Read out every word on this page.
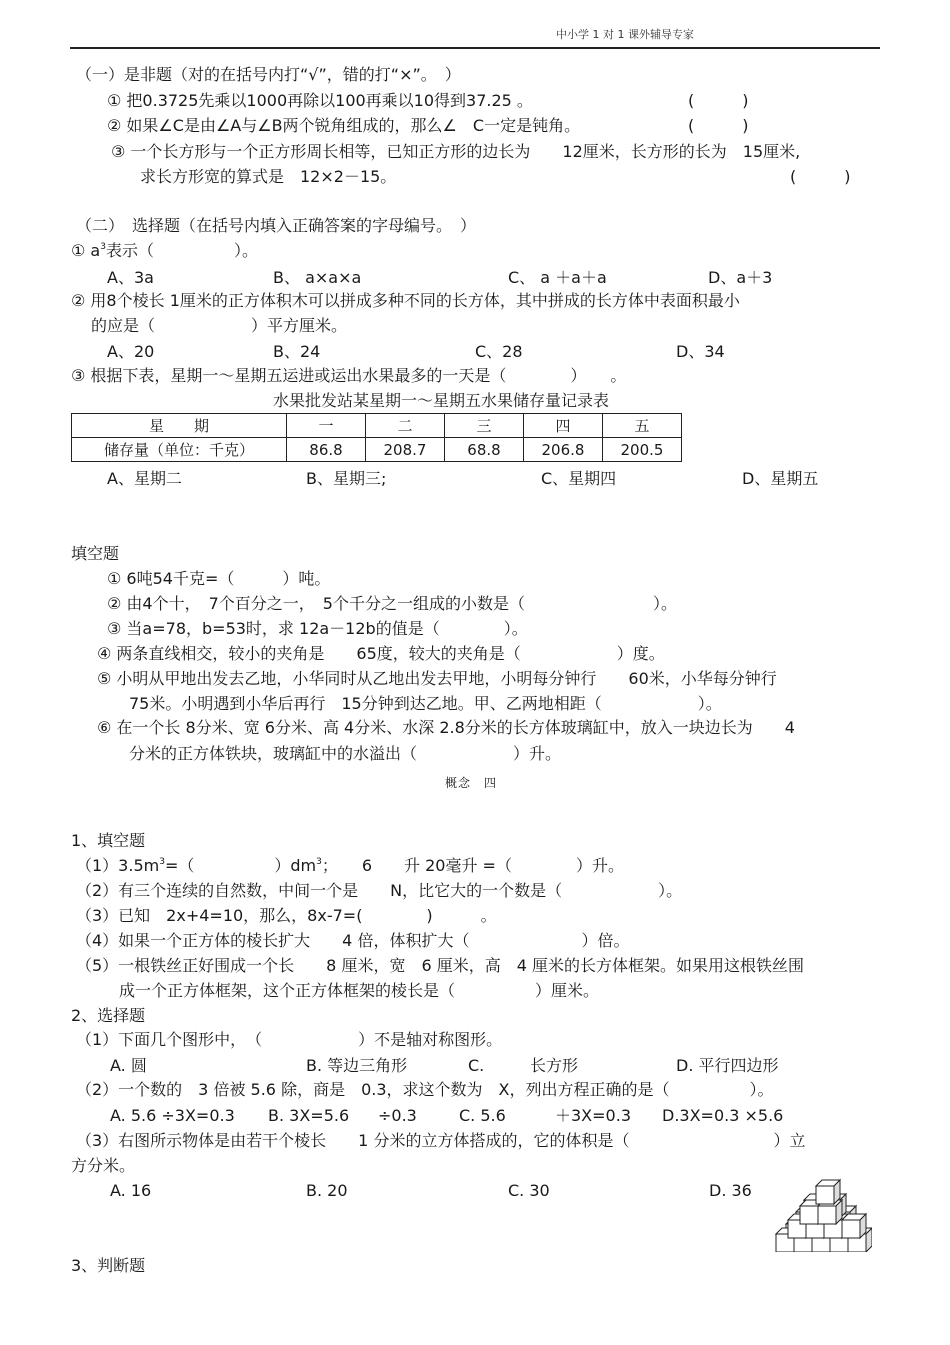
中小学 1 对 1 课外辅导专家
（一）是非题（对的在括号内打“√”，错的打“×”。　）
① 把0.3725先乘以1000再除以100再乘以10得到37.25 。	(　　　)
② 如果∠C是由∠A与∠B两个锐角组成的，那么∠　C一定是钝角。	(　　　)
③ 一个长方形与一个正方形周长相等，已知正方形的边长为　　12厘米，长方形的长为　15厘米,
求长方形宽的算式是　12×2－15。	(　　　)
（二）　选择题（在括号内填入正确答案的字母编号。　）
① $a^3$表示（　　　　　）。
A、3a	B、 a×a×a	C、 a ＋a＋a	D、a＋3
② 用8个棱长 1厘米的正方体积木可以拼成多种不同的长方体，其中拼成的长方体中表面积最小
的应是（　　　　　　）平方厘米。
A、20	B、24	C、28	D、34
③ 根据下表，星期一～星期五运进或运出水果最多的一天是（　　　　）　　。
水果批发站某星期一～星期五水果储存量记录表
星　　期	一	二	三	四	五
储存量（单位：千克）	86.8	208.7	68.8	206.8	200.5
A、星期二	B、星期三;	C、星期四	D、星期五
填空题
① 6吨54千克=（　　　）吨。
② 由4个十，　7个百分之一，　5个千分之一组成的小数是（　　　　　　　　）。
③ 当a=78，b=53时，求 12a－12b的值是（　　　　）。
④ 两条直线相交，较小的夹角是　　65度，较大的夹角是（　　　　　　）度。
⑤ 小明从甲地出发去乙地，小华同时从乙地出发去甲地，小明每分钟行　　60米，小华每分钟行
75米。小明遇到小华后再行　15分钟到达乙地。甲、乙两地相距（　　　　　　）。
⑥ 在一个长 8分米、宽 6分米、高 4分米、水深 2.8分米的长方体玻璃缸中，放入一块边长为　　4
分米的正方体铁块，玻璃缸中的水溢出（　　　　　　）升。
概念　四
1、填空题
$(1)3.5m^3=$（　　　　　）$dm^3$；　　6　　升 20毫升 =（　　　　）升。
（2）有三个连续的自然数，中间一个是　　N，比它大的一个数是（　　　　　　）。
（3）已知　2x+4=10，那么，8x-7=(　　　　)　　　。
（4）如果一个正方体的棱长扩大　　4 倍，体积扩大（　　　　　　　）倍。
（5）一根铁丝正好围成一个长　　8 厘米，宽　6 厘米，高　4 厘米的长方体框架。如果用这根铁丝围
成一个正方体框架，这个正方体框架的棱长是（　　　　　）厘米。
2、选择题
（1）下面几个图形中，　（　　　　　　）不是轴对称图形。
A. 圆	B. 等边三角形	C.	长方形	D. 平行四边形
（2）一个数的　3 倍被 5.6 除，商是　0.3，求这个数为　X，列出方程正确的是（　　　　　）。
A. 5.6 ÷3X=0.3 B. 3X=5.6 ÷0.3	C. 5.6	＋3X=0.3 D.3X=0.3 ×5.6
（3）右图所示物体是由若干个棱长　　1 分米的立方体搭成的，它的体积是（　　　　　　　　　）立
方分米。
A. 16	B. 20	C. 30	D. 36
3、判断题
